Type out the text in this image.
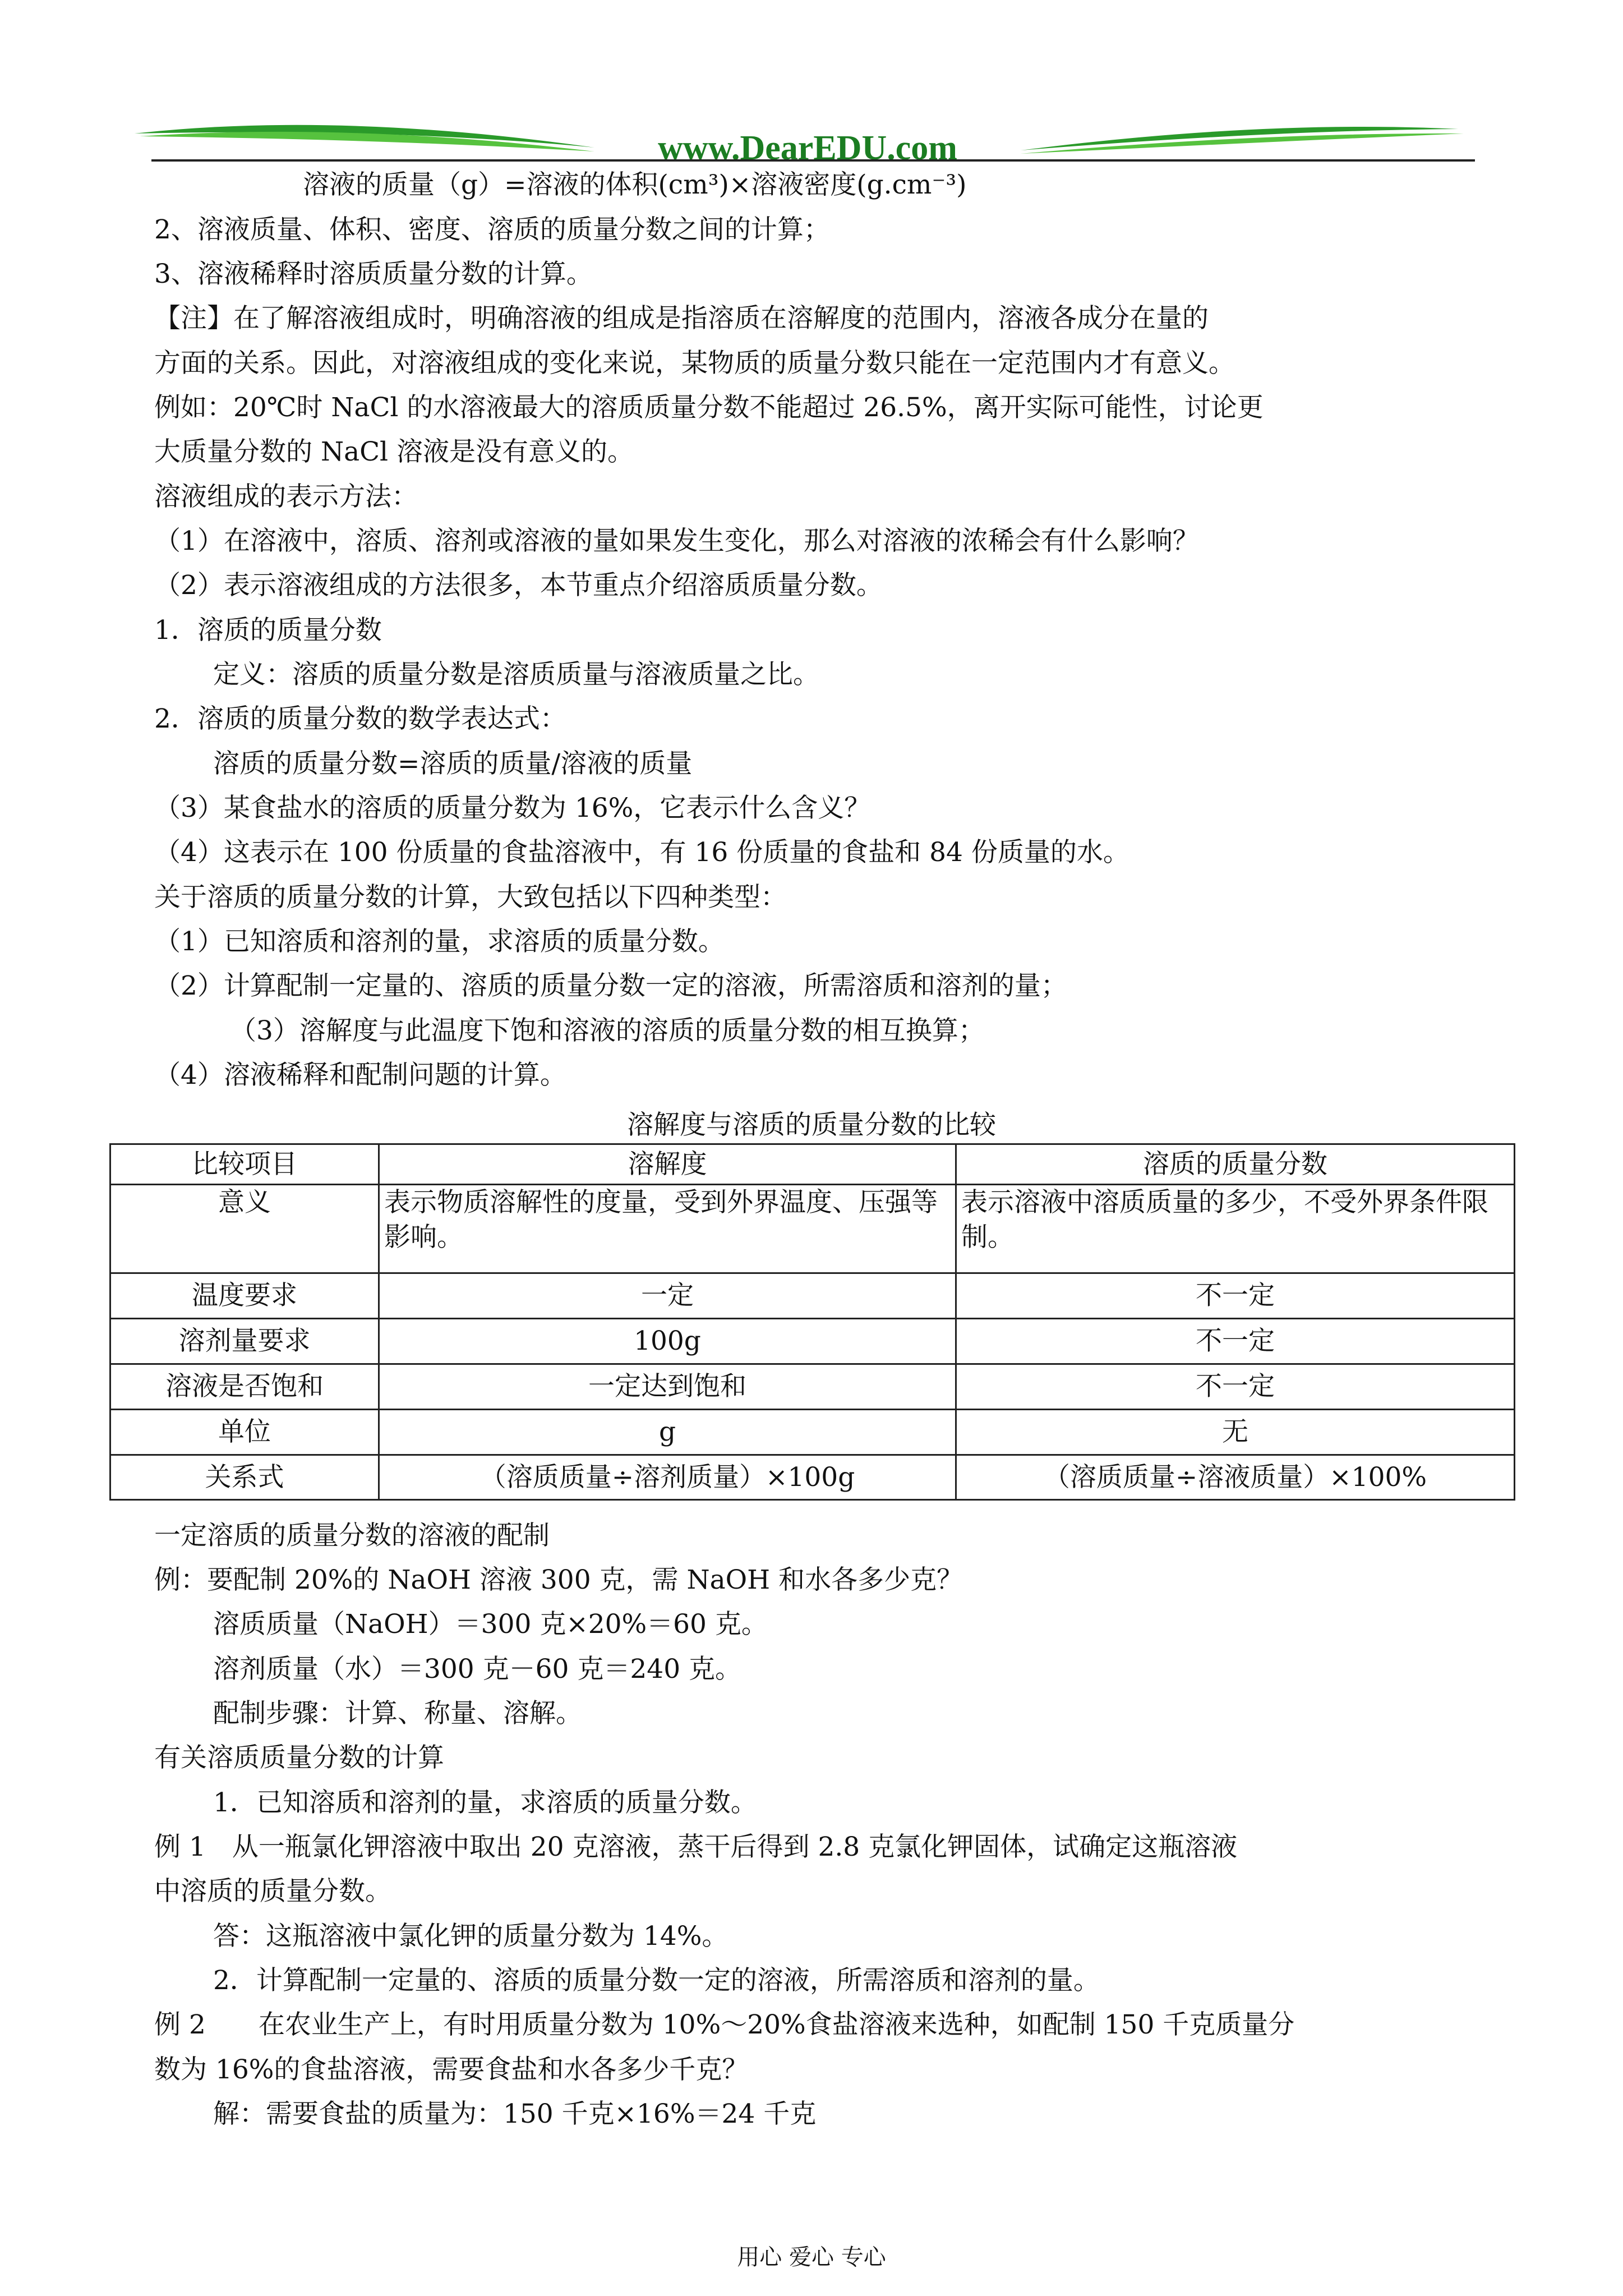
www.DearEDU.com
溶液的质量（g）=溶液的体积(cm³)×溶液密度(g.cm⁻³)
2、溶液质量、体积、密度、溶质的质量分数之间的计算；
3、溶液稀释时溶质质量分数的计算。
【注】在了解溶液组成时，明确溶液的组成是指溶质在溶解度的范围内，溶液各成分在量的
方面的关系。因此，对溶液组成的变化来说，某物质的质量分数只能在一定范围内才有意义。
例如：20℃时 NaCl 的水溶液最大的溶质质量分数不能超过 26.5%，离开实际可能性，讨论更
大质量分数的 NaCl 溶液是没有意义的。
溶液组成的表示方法：
（1）在溶液中，溶质、溶剂或溶液的量如果发生变化，那么对溶液的浓稀会有什么影响？
（2）表示溶液组成的方法很多，本节重点介绍溶质质量分数。
1．溶质的质量分数
定义：溶质的质量分数是溶质质量与溶液质量之比。
2．溶质的质量分数的数学表达式：
溶质的质量分数=溶质的质量/溶液的质量
（3）某食盐水的溶质的质量分数为 16%，它表示什么含义？
（4）这表示在 100 份质量的食盐溶液中，有 16 份质量的食盐和 84 份质量的水。
关于溶质的质量分数的计算，大致包括以下四种类型：
（1）已知溶质和溶剂的量，求溶质的质量分数。
（2）计算配制一定量的、溶质的质量分数一定的溶液，所需溶质和溶剂的量；
（3）溶解度与此温度下饱和溶液的溶质的质量分数的相互换算；
（4）溶液稀释和配制问题的计算。
溶解度与溶质的质量分数的比较
比较项目	溶解度	溶质的质量分数
意义	表示物质溶解性的度量，受到外界温度、压强等影响。	表示溶液中溶质质量的多少，不受外界条件限制。
温度要求	一定	不一定
溶剂量要求	100g	不一定
溶液是否饱和	一定达到饱和	不一定
单位	g	无
关系式	（溶质质量÷溶剂质量）×100g	（溶质质量÷溶液质量）×100%
一定溶质的质量分数的溶液的配制
例：要配制 20%的 NaOH 溶液 300 克，需 NaOH 和水各多少克？
溶质质量（NaOH）＝300 克×20%＝60 克。
溶剂质量（水）＝300 克－60 克＝240 克。
配制步骤：计算、称量、溶解。
有关溶质质量分数的计算
1．已知溶质和溶剂的量，求溶质的质量分数。
例 1　从一瓶氯化钾溶液中取出 20 克溶液，蒸干后得到 2.8 克氯化钾固体，试确定这瓶溶液
中溶质的质量分数。
答：这瓶溶液中氯化钾的质量分数为 14%。
2．计算配制一定量的、溶质的质量分数一定的溶液，所需溶质和溶剂的量。
例 2　　在农业生产上，有时用质量分数为 10%～20%食盐溶液来选种，如配制 150 千克质量分
数为 16%的食盐溶液，需要食盐和水各多少千克？
解：需要食盐的质量为：150 千克×16%＝24 千克
用心 爱心 专心
